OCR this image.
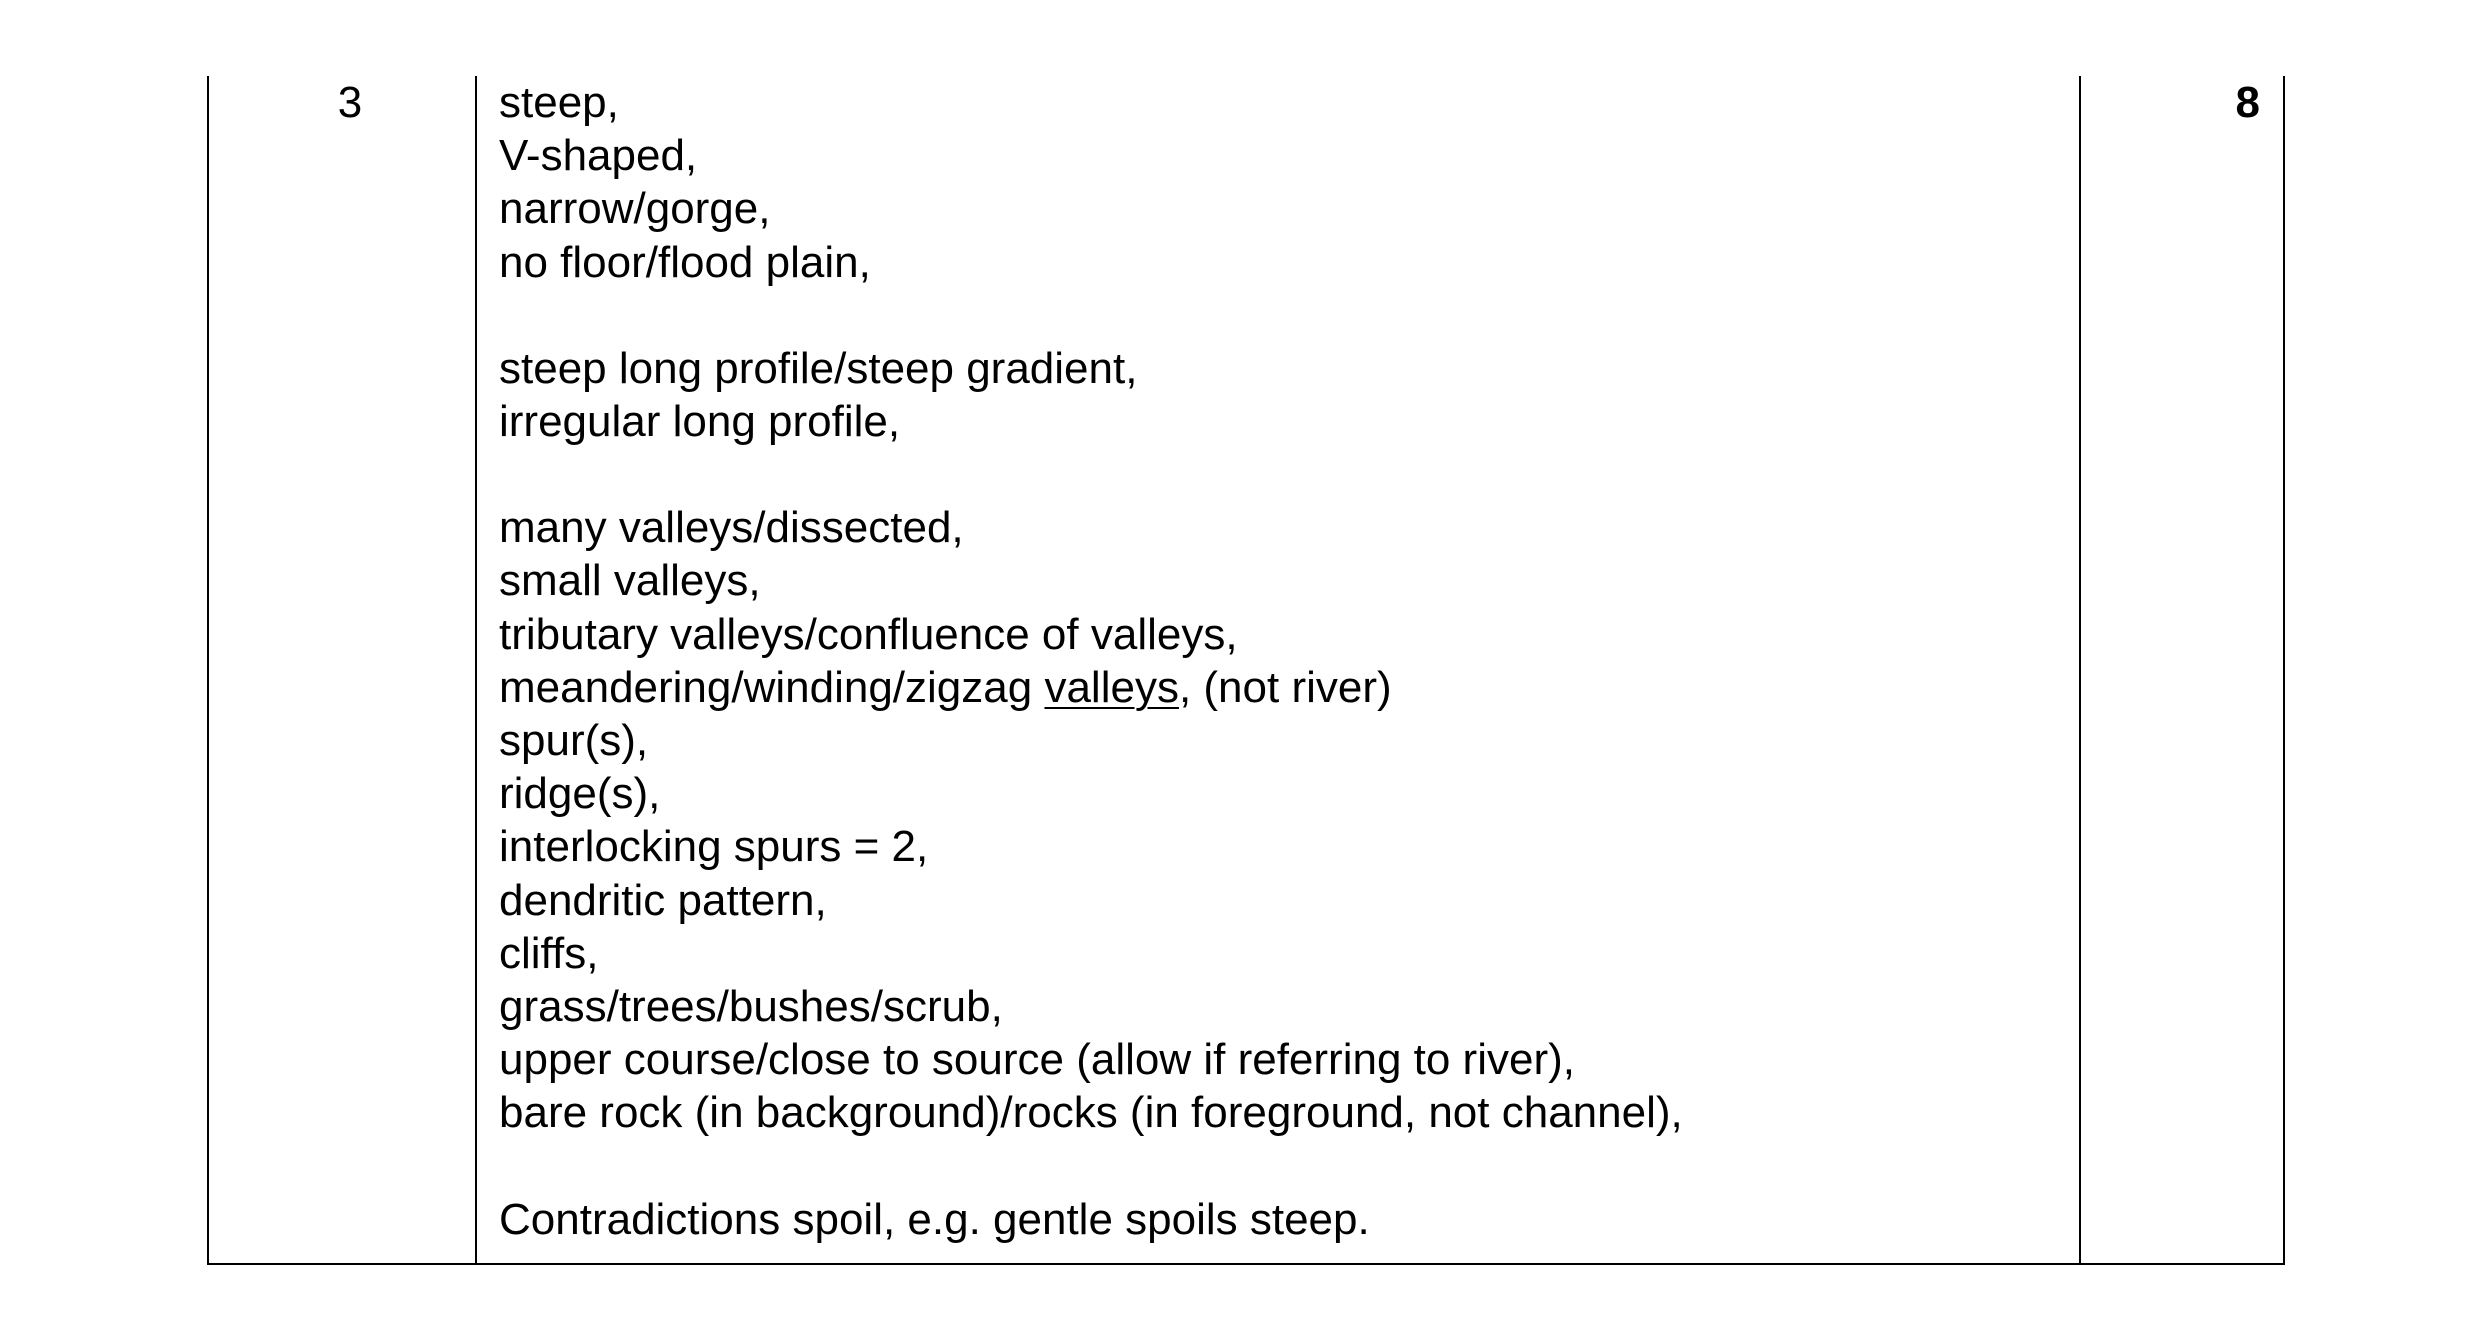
3	steep,
V-shaped,
narrow/gorge,
no floor/flood plain,
steep long profile/steep gradient,
irregular long profile,
many valleys/dissected,
small valleys,
tributary valleys/confluence of valleys,
meandering/winding/zigzag valleys, (not river)
spur(s),
ridge(s),
interlocking spurs = 2,
dendritic pattern,
cliffs,
grass/trees/bushes/scrub,
upper course/close to source (allow if referring to river),
bare rock (in background)/rocks (in foreground, not channel),
Contradictions spoil, e.g. gentle spoils steep.
8
